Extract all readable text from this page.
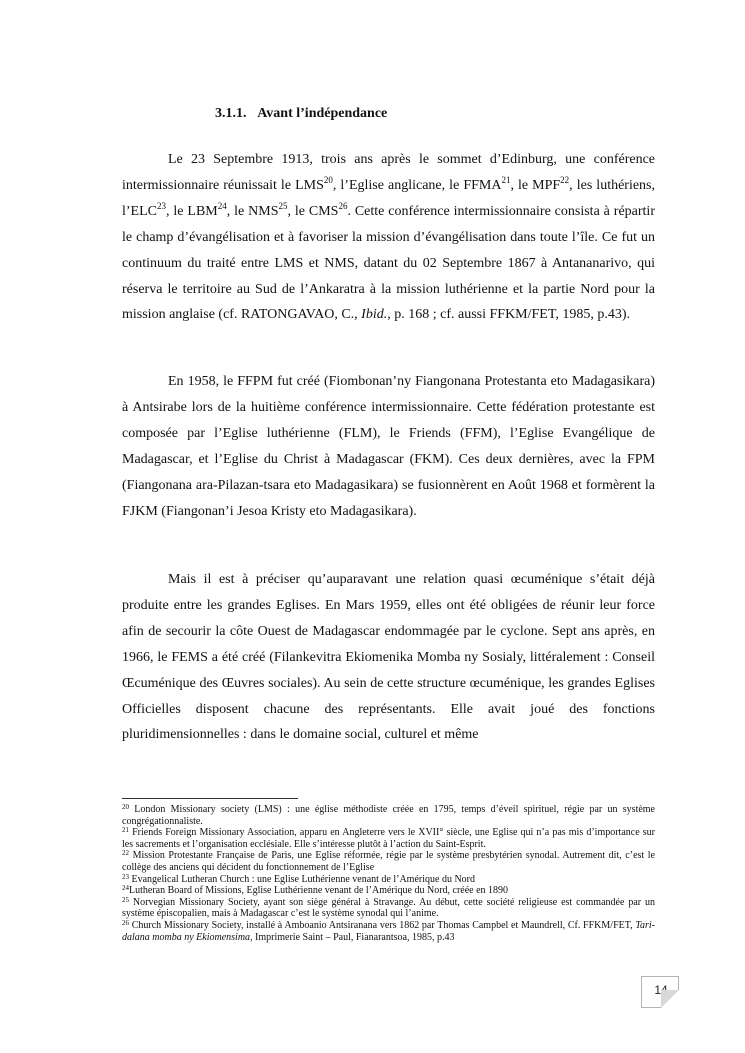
3.1.1. Avant l’indépendance

Le 23 Septembre 1913, trois ans après le sommet d’Edinburg, une conférence intermissionnaire réunissait le LMS$^{20}$, l’Eglise anglicane, le FFMA$^{21}$, le MPF$^{22}$, les luthériens, l’ELC$^{23}$, le LBM$^{24}$, le NMS$^{25}$, le CMS$^{26}$. Cette conférence intermissionnaire consista à répartir le champ d’évangélisation et à favoriser la mission d’évangélisation dans toute l’île. Ce fut un continuum du traité entre LMS et NMS, datant du 02 Septembre 1867 à Antananarivo, qui réserva le territoire au Sud de l’Ankaratra à la mission luthérienne et la partie Nord pour la mission anglaise (cf. RATONGAVAO, C., Ibid., p. 168 ; cf. aussi FFKM/FET, 1985, p.43).

En 1958, le FFPM fut créé (Fiombonan’ny Fiangonana Protestanta eto Madagasikara) à Antsirabe lors de la huitième conférence intermissionnaire. Cette fédération protestante est composée par l’Eglise luthérienne (FLM), le Friends (FFM), l’Eglise Evangélique de Madagascar, et l’Eglise du Christ à Madagascar (FKM). Ces deux dernières, avec la FPM (Fiangonana ara-Pilazan-tsara eto Madagasikara) se fusionnèrent en Août 1968 et formèrent la FJKM (Fiangonan’i Jesoa Kristy eto Madagasikara).

Mais il est à préciser qu’auparavant une relation quasi œcuménique s’était déjà produite entre les grandes Eglises. En Mars 1959, elles ont été obligées de réunir leur force afin de secourir la côte Ouest de Madagascar endommagée par le cyclone. Sept ans après, en 1966, le FEMS a été créé (Filankevitra Ekiomenika Momba ny Sosialy, littéralement : Conseil Œcuménique des Œuvres sociales). Au sein de cette structure œcuménique, les grandes Eglises Officielles disposent chacune des représentants. Elle avait joué des fonctions pluridimensionnelles : dans le domaine social, culturel et même

$^{20}$ London Missionary society (LMS) : une église méthodiste créée en 1795, temps d’éveil spirituel, régie par un système congrégationnaliste.

$^{21}$ Friends Foreign Missionary Association, apparu en Angleterre vers le XVII° siècle, une Eglise qui n’a pas mis d’importance sur les sacrements et l’organisation ecclésiale. Elle s’intéresse plutôt à l’action du Saint-Esprit.

$^{22}$ Mission Protestante Française de Paris, une Eglise réformée, régie par le système presbytérien synodal. Autrement dit, c’est le collège des anciens qui décident du fonctionnement de l’Eglise

$^{23}$ Evangelical Lutheran Church : une Eglise Luthérienne venant de l’Amérique du Nord

$^{24}$Lutheran Board of Missions, Eglise Luthérienne venant de l’Amérique du Nord, créée en 1890

$^{25}$ Norvegian Missionary Society, ayant son siège général à Stravange. Au début, cette société religieuse est commandée par un système épiscopalien, mais à Madagascar c’est le système synodal qui l’anime.

$^{26}$ Church Missionary Society, installé à Amboanio Antsiranana vers 1862 par Thomas Campbel et Maundrell, Cf. FFKM/FET, Tari-dalana momba ny Ekiomensima, Imprimerie Saint – Paul, Fianarantsoa, 1985, p.43

14
